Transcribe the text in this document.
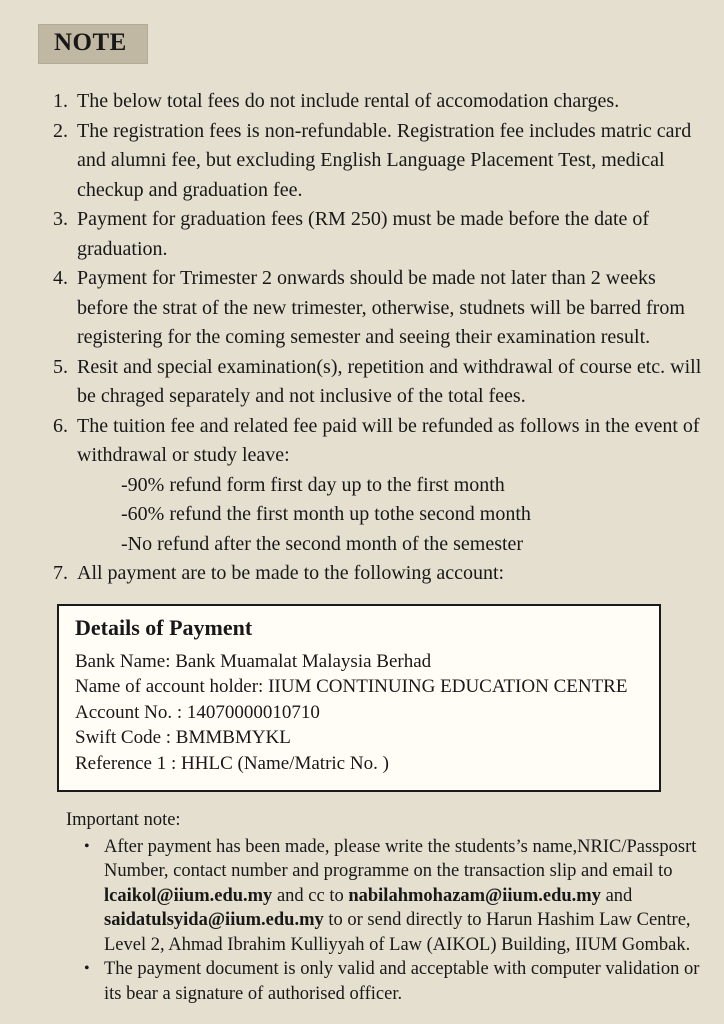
NOTE
1. The below total fees do not include rental of accomodation charges.
2. The registration fees is non-refundable. Registration fee includes matric card and alumni fee, but excluding English Language Placement Test, medical checkup and graduation fee.
3. Payment for graduation fees (RM 250) must be made before the date of graduation.
4. Payment for Trimester 2 onwards should be made not later than 2 weeks before the strat of the new trimester, otherwise, studnets will be barred from registering for the coming semester and seeing their examination result.
5. Resit and special examination(s), repetition and withdrawal of course etc. will be chraged separately and not inclusive of the total fees.
6. The tuition fee and related fee paid will be refunded as follows in the event of withdrawal or study leave:
-90% refund form first day up to the first month
-60% refund the first month up tothe second month
-No refund after the second month of the semester
7. All payment are to be made to the following account:
Details of Payment
Bank Name: Bank Muamalat Malaysia Berhad
Name of account holder: IIUM CONTINUING EDUCATION CENTRE
Account No. : 14070000010710
Swift Code : BMMBMYKL
Reference 1 : HHLC (Name/Matric No. )
Important note:
• After payment has been made, please write the students’s name,NRIC/Passposrt Number, contact number and programme on the transaction slip and email to lcaikol@iium.edu.my and cc to nabilahmohazam@iium.edu.my and saidatulsyida@iium.edu.my to or send directly to Harun Hashim Law Centre, Level 2, Ahmad Ibrahim Kulliyyah of Law (AIKOL) Building, IIUM Gombak.
• The payment document is only valid and acceptable with computer validation or its bear a signature of authorised officer.
